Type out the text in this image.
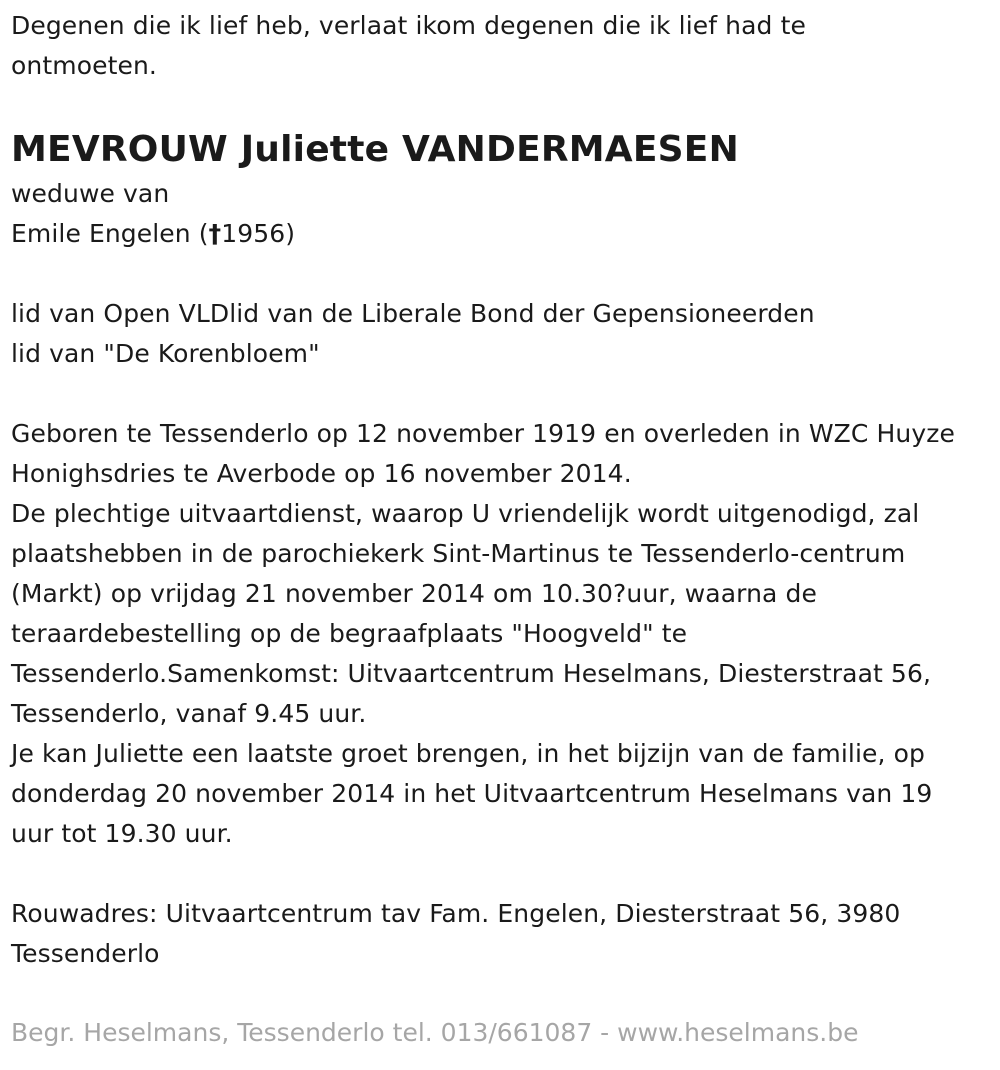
Degenen die ik lief heb, verlaat ikom degenen die ik lief had te
ontmoeten.
MEVROUW Juliette VANDERMAESEN
weduwe van
Emile Engelen (†1956)
lid van Open VLDlid van de Liberale Bond der Gepensioneerden
lid van "De Korenbloem"
Geboren te Tessenderlo op 12 november 1919 en overleden in WZC Huyze
Honighsdries te Averbode op 16 november 2014.
De plechtige uitvaartdienst, waarop U vriendelijk wordt uitgenodigd, zal
plaatshebben in de parochiekerk Sint-Martinus te Tessenderlo-centrum
(Markt) op vrijdag 21 november 2014 om 10.30?uur, waarna de
teraardebestelling op de begraafplaats "Hoogveld" te
Tessenderlo.Samenkomst: Uitvaartcentrum Heselmans, Diesterstraat 56,
Tessenderlo, vanaf 9.45 uur.
Je kan Juliette een laatste groet brengen, in het bijzijn van de familie, op
donderdag 20 november 2014 in het Uitvaartcentrum Heselmans van 19
uur tot 19.30 uur.
Rouwadres: Uitvaartcentrum tav Fam. Engelen, Diesterstraat 56, 3980
Tessenderlo
Begr. Heselmans, Tessenderlo tel. 013/661087 - www.heselmans.be
